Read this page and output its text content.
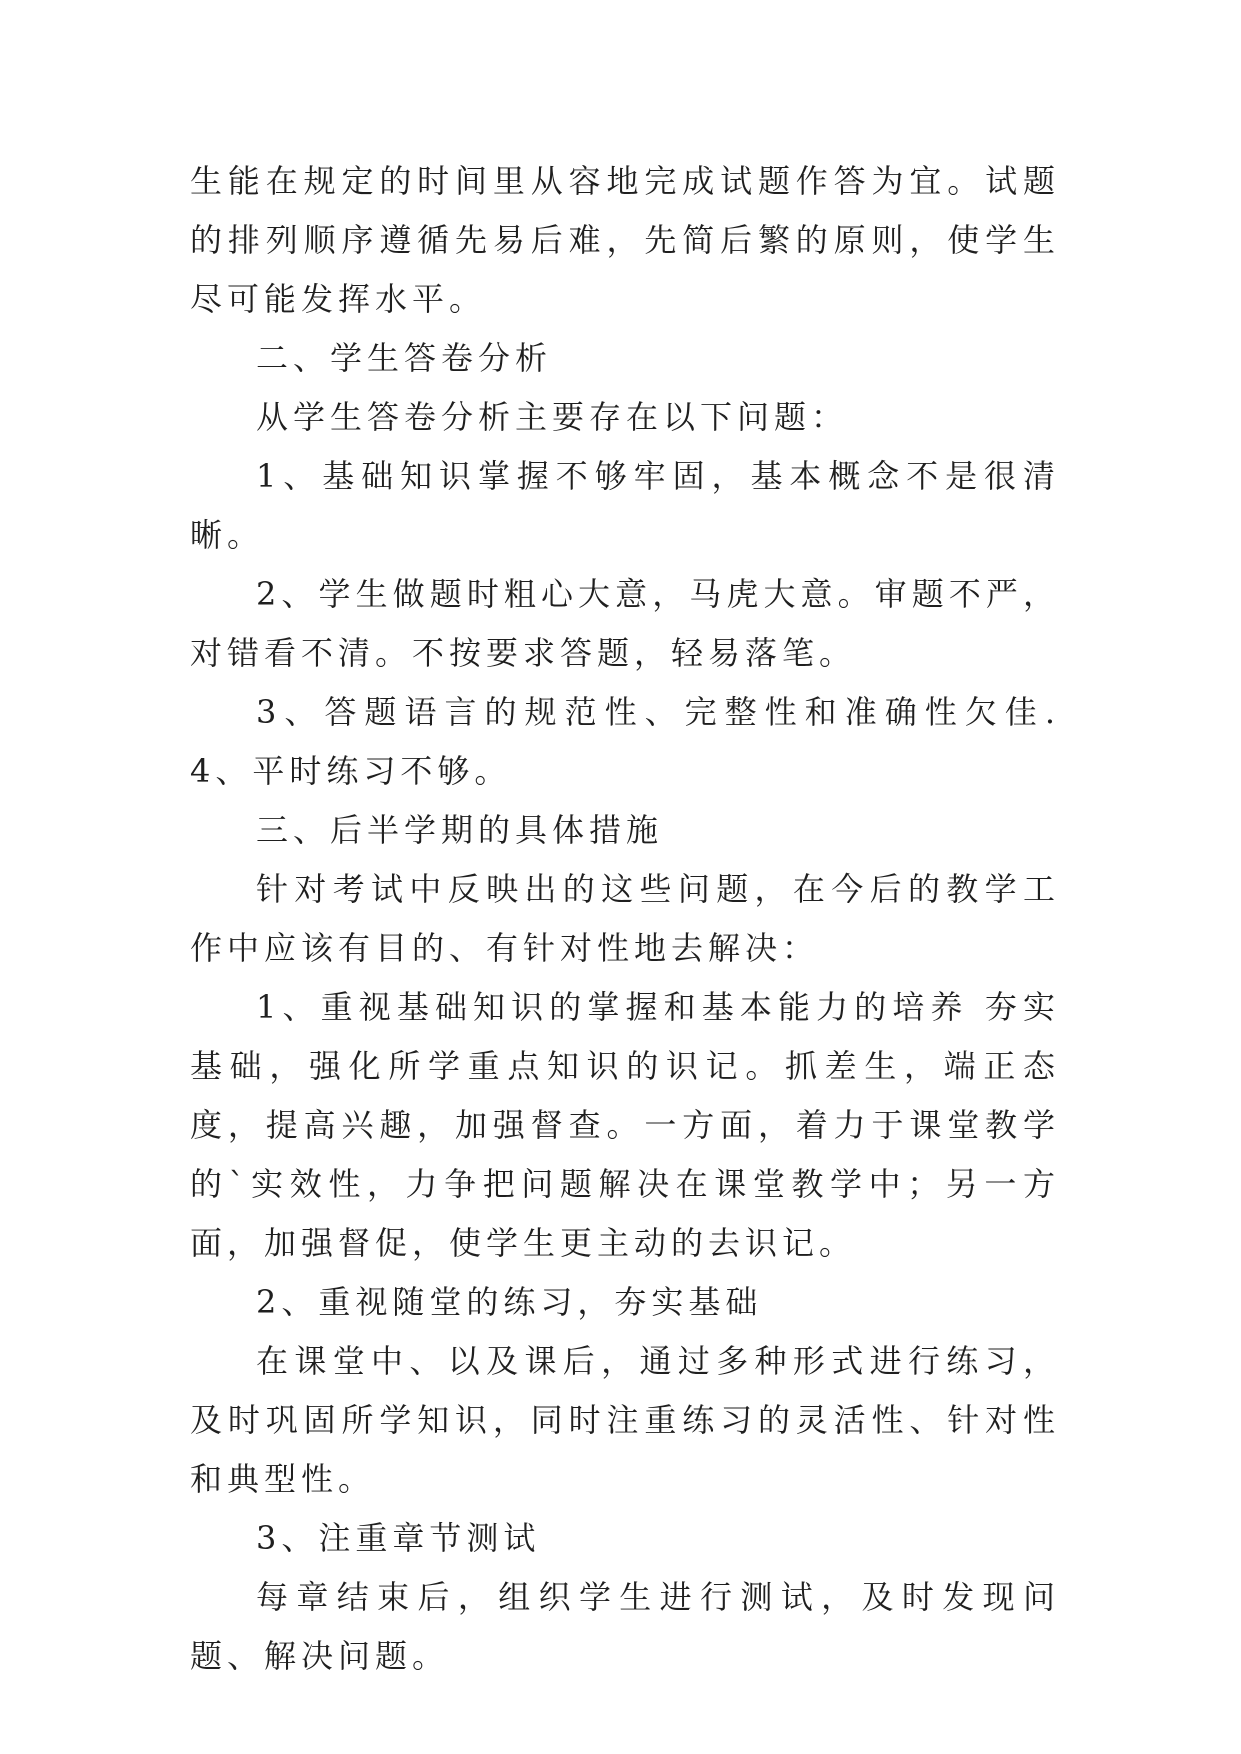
生能在规定的时间里从容地完成试题作答为宜。试题的排列顺序遵循先易后难，先简后繁的原则，使学生尽可能发挥水平。

二、学生答卷分析

从学生答卷分析主要存在以下问题：

1、基础知识掌握不够牢固，基本概念不是很清晰。

2、学生做题时粗心大意，马虎大意。审题不严，对错看不清。不按要求答题，轻易落笔。

3、答题语言的规范性、完整性和准确性欠佳. 4、平时练习不够。

三、后半学期的具体措施

针对考试中反映出的这些问题，在今后的教学工作中应该有目的、有针对性地去解决：

1、重视基础知识的掌握和基本能力的培养 夯实基础，强化所学重点知识的识记。抓差生，端正态度，提高兴趣，加强督查。一方面，着力于课堂教学的`实效性，力争把问题解决在课堂教学中；另一方面，加强督促，使学生更主动的去识记。

2、重视随堂的练习，夯实基础

在课堂中、以及课后，通过多种形式进行练习，及时巩固所学知识，同时注重练习的灵活性、针对性和典型性。

3、注重章节测试

每章结束后，组织学生进行测试，及时发现问题、解决问题。
